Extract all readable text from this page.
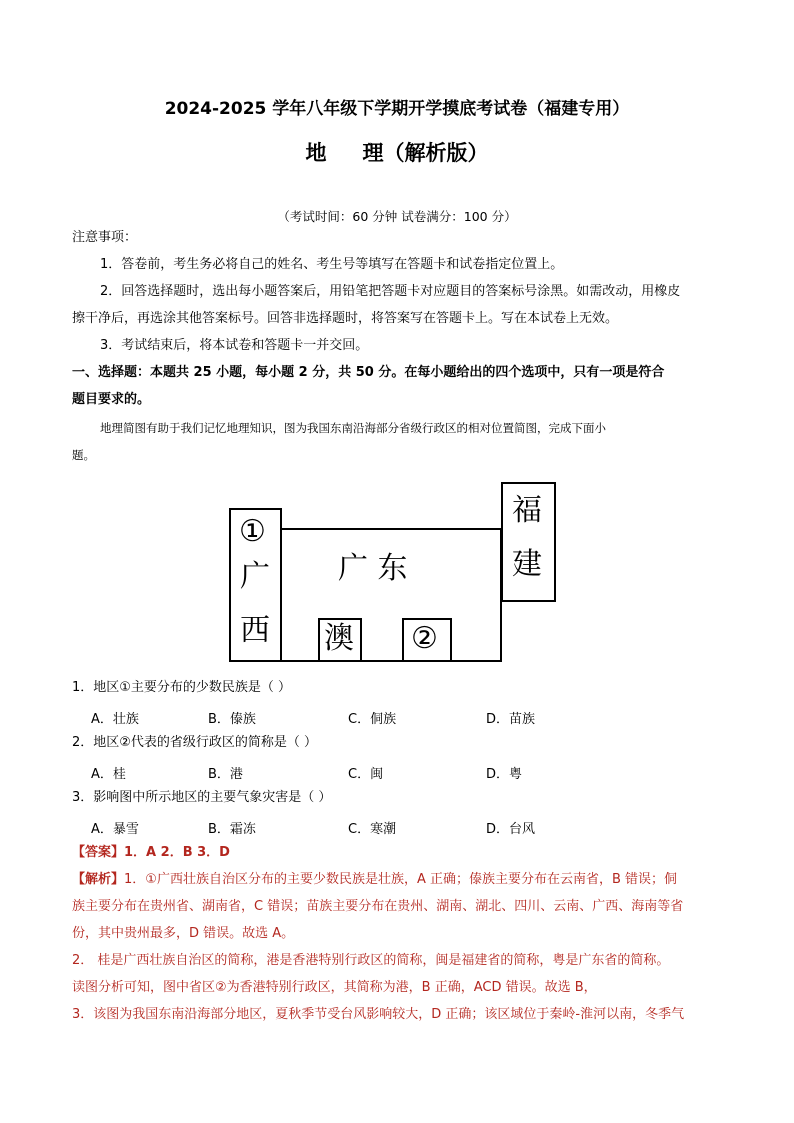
2024-2025 学年八年级下学期开学摸底考试卷（福建专用）
地 理（解析版）
（考试时间：60 分钟 试卷满分：100 分）
注意事项：
1．答卷前，考生务必将自己的姓名、考生号等填写在答题卡和试卷指定位置上。
2．回答选择题时，选出每小题答案后，用铅笔把答题卡对应题目的答案标号涂黑。如需改动，用橡皮
擦干净后，再选涂其他答案标号。回答非选择题时，将答案写在答题卡上。写在本试卷上无效。
3．考试结束后，将本试卷和答题卡一并交回。
一、选择题：本题共 25 小题，每小题 2 分，共 50 分。在每小题给出的四个选项中，只有一项是符合
题目要求的。
地理简图有助于我们记忆地理知识，图为我国东南沿海部分省级行政区的相对位置简图，完成下面小
题。
广 东
①
广
西
福
建
澳 ②
1．地区①主要分布的少数民族是（ ）
A．壮族	B．傣族	C．侗族	D．苗族
2．地区②代表的省级行政区的简称是（ ）
A．桂	B．港	C．闽	D．粤
3．影响图中所示地区的主要气象灾害是（ ）
A．暴雪	B．霜冻	C．寒潮	D．台风
【答案】1．A 2．B 3．D
【解析】1．①广西壮族自治区分布的主要少数民族是壮族，A 正确；傣族主要分布在云南省，B 错误；侗
族主要分布在贵州省、湖南省，C 错误；苗族主要分布在贵州、湖南、湖北、四川、云南、广西、海南等省
份，其中贵州最多，D 错误。故选 A。
2． 桂是广西壮族自治区的简称，港是香港特别行政区的简称，闽是福建省的简称，粤是广东省的简称。
读图分析可知，图中省区②为香港特别行政区，其简称为港，B 正确，ACD 错误。故选 B，
3．该图为我国东南沿海部分地区，夏秋季节受台风影响较大，D 正确；该区域位于秦岭-淮河以南，冬季气
